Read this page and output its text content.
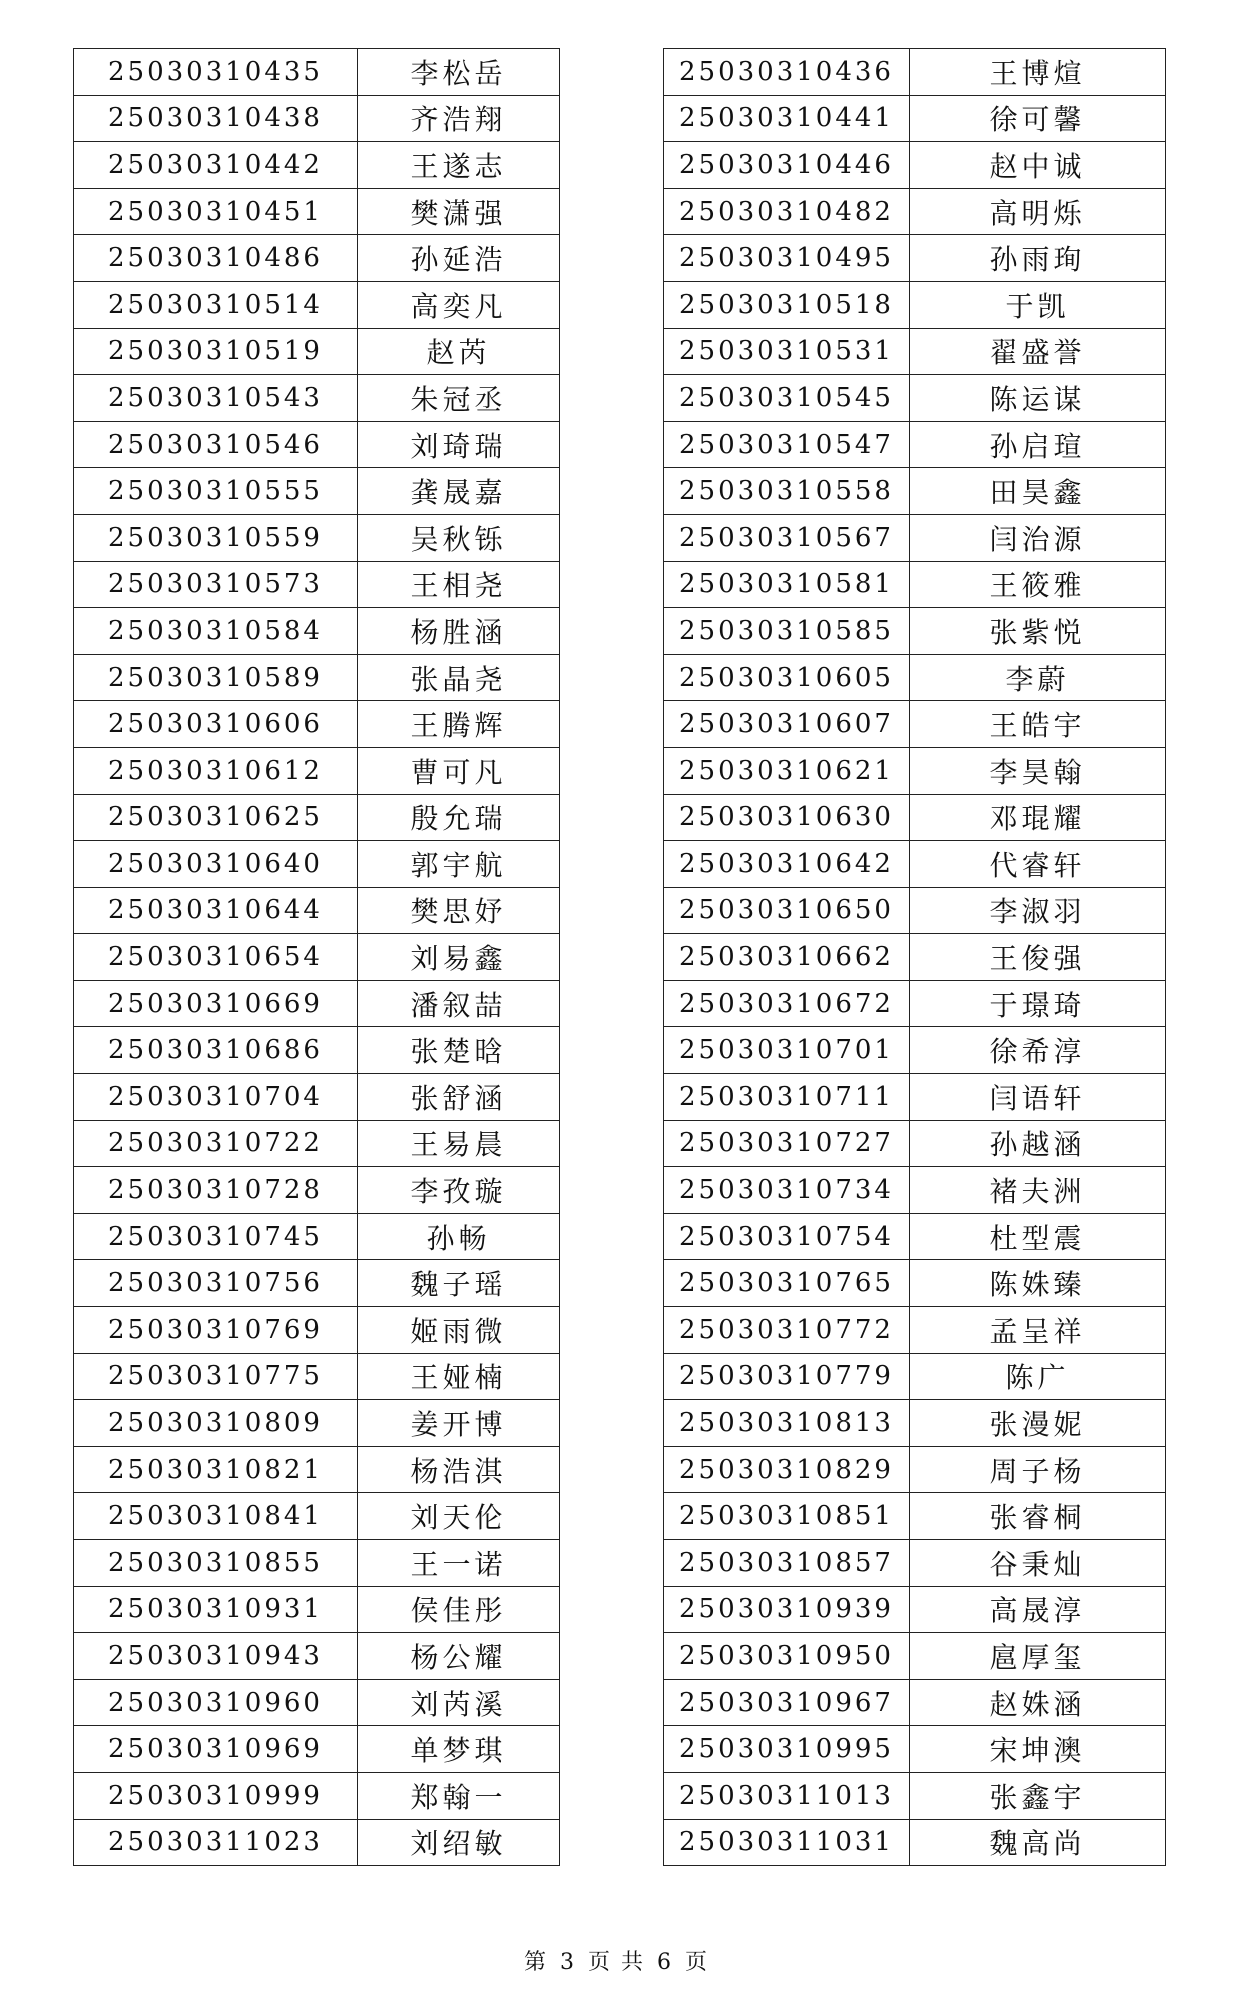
25030310435	李松岳		25030310436	王博煊
25030310438	齐浩翔		25030310441	徐可馨
25030310442	王遂志		25030310446	赵中诚
25030310451	樊潇强		25030310482	高明烁
25030310486	孙延浩		25030310495	孙雨珣
25030310514	高奕凡		25030310518	于凯
25030310519	赵芮		25030310531	翟盛誉
25030310543	朱冠丞		25030310545	陈运谋
25030310546	刘琦瑞		25030310547	孙启瑄
25030310555	龚晟嘉		25030310558	田昊鑫
25030310559	吴秋铄		25030310567	闫治源
25030310573	王相尧		25030310581	王筱雅
25030310584	杨胜涵		25030310585	张紫悦
25030310589	张晶尧		25030310605	李蔚
25030310606	王腾辉		25030310607	王皓宇
25030310612	曹可凡		25030310621	李昊翰
25030310625	殷允瑞		25030310630	邓琨耀
25030310640	郭宇航		25030310642	代睿轩
25030310644	樊思妤		25030310650	李淑羽
25030310654	刘易鑫		25030310662	王俊强
25030310669	潘叙喆		25030310672	于璟琦
25030310686	张楚晗		25030310701	徐希淳
25030310704	张舒涵		25030310711	闫语轩
25030310722	王易晨		25030310727	孙越涵
25030310728	李孜璇		25030310734	褚夫洲
25030310745	孙畅		25030310754	杜型震
25030310756	魏子瑶		25030310765	陈姝臻
25030310769	姬雨微		25030310772	孟呈祥
25030310775	王娅楠		25030310779	陈广
25030310809	姜开博		25030310813	张漫妮
25030310821	杨浩淇		25030310829	周子杨
25030310841	刘天伦		25030310851	张睿桐
25030310855	王一诺		25030310857	谷秉灿
25030310931	侯佳彤		25030310939	高晟淳
25030310943	杨公耀		25030310950	扈厚玺
25030310960	刘芮溪		25030310967	赵姝涵
25030310969	单梦琪		25030310995	宋坤澳
25030310999	郑翰一		25030311013	张鑫宇
25030311023	刘绍敏		25030311031	魏高尚
第 3 页 共 6 页
